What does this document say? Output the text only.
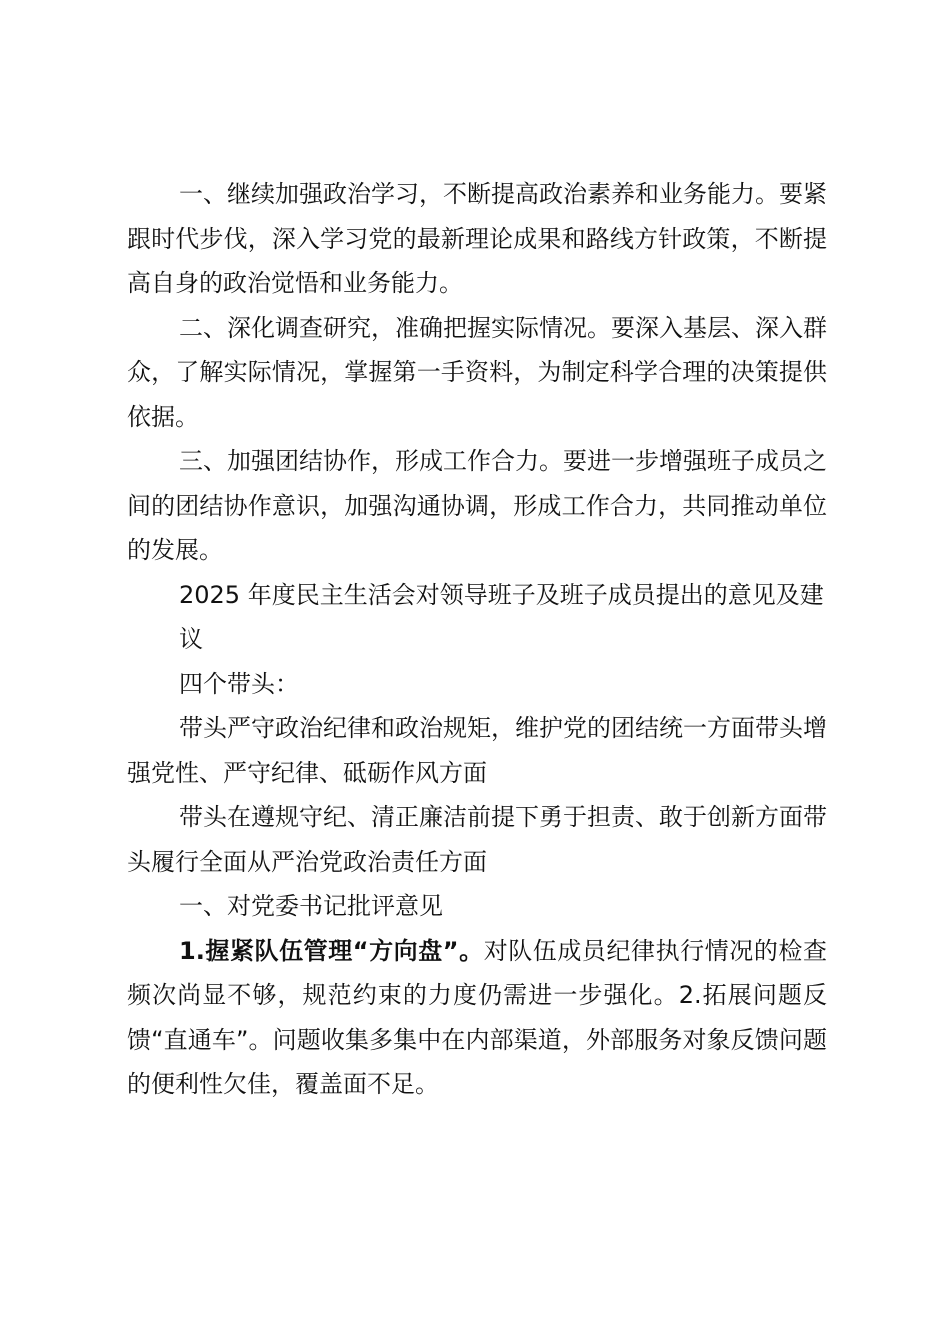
一、继续加强政治学习，不断提高政治素养和业务能力。要紧跟时代步伐，深入学习党的最新理论成果和路线方针政策，不断提高自身的政治觉悟和业务能力。

二、深化调查研究，准确把握实际情况。要深入基层、深入群众，了解实际情况，掌握第一手资料，为制定科学合理的决策提供依据。

三、加强团结协作，形成工作合力。要进一步增强班子成员之间的团结协作意识，加强沟通协调，形成工作合力，共同推动单位的发展。

2025 年度民主生活会对领导班子及班子成员提出的意见及建

议

四个带头：

带头严守政治纪律和政治规矩，维护党的团结统一方面带头增强党性、严守纪律、砥砺作风方面

带头在遵规守纪、清正廉洁前提下勇于担责、敢于创新方面带头履行全面从严治党政治责任方面

一、对党委书记批评意见

1.握紧队伍管理“方向盘”。对队伍成员纪律执行情况的检查频次尚显不够，规范约束的力度仍需进一步强化。2.拓展问题反馈“直通车”。问题收集多集中在内部渠道，外部服务对象反馈问题的便利性欠佳，覆盖面不足。
